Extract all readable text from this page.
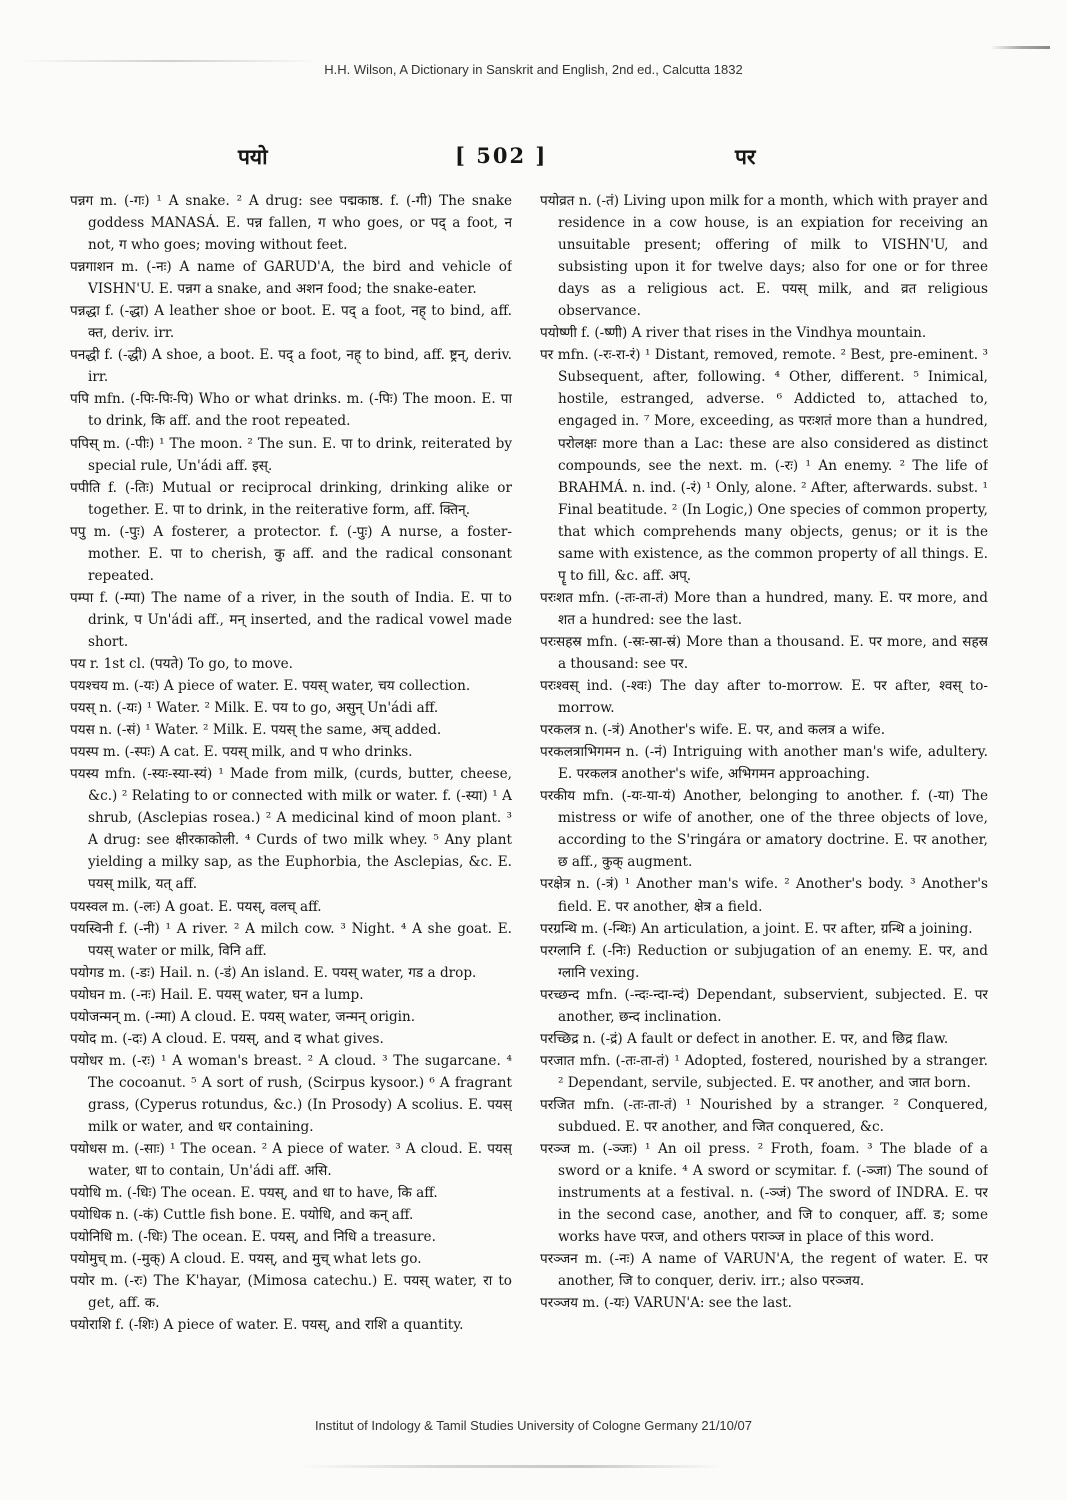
H.H. Wilson, A Dictionary in Sanskrit and English, 2nd ed., Calcutta 1832
पयो	[ 502 ]	पर

पन्नग m. (-गः) ¹ A snake. ² A drug: see पद्मकाष्ठ. f. (-गी) The snake goddess MANASÁ. E. पन्न fallen, ग who goes, or पद् a foot, न not, ग who goes; moving without feet.

पन्नगाशन m. (-नः) A name of GARUD'A, the bird and vehicle of VISHN'U. E. पन्नग a snake, and अशन food; the snake-eater.

पन्नद्धा f. (-द्धा) A leather shoe or boot. E. पद् a foot, नह् to bind, aff. क्त, deriv. irr.

पनद्धी f. (-द्धी) A shoe, a boot. E. पद् a foot, नह् to bind, aff. ष्ट्रन्, deriv. irr.

पपि mfn. (-पिः-पिः-पि) Who or what drinks. m. (-पिः) The moon. E. पा to drink, कि aff. and the root repeated.

पपिस् m. (-पीः) ¹ The moon. ² The sun. E. पा to drink, reiterated by special rule, Un'ádi aff. इस्.

पपीति f. (-तिः) Mutual or reciprocal drinking, drinking alike or together. E. पा to drink, in the reiterative form, aff. क्तिन्.

पपु m. (-पुः) A fosterer, a protector. f. (-पुः) A nurse, a foster-mother. E. पा to cherish, कु aff. and the radical consonant repeated.

पम्पा f. (-म्पा) The name of a river, in the south of India. E. पा to drink, प Un'ádi aff., मन् inserted, and the radical vowel made short.

पय r. 1st cl. (पयते) To go, to move.

पयश्चय m. (-यः) A piece of water. E. पयस् water, चय collection.

पयस् n. (-यः) ¹ Water. ² Milk. E. पय to go, असुन् Un'ádi aff.

पयस n. (-सं) ¹ Water. ² Milk. E. पयस् the same, अच् added.

पयस्प m. (-स्पः) A cat. E. पयस् milk, and प who drinks.

पयस्य mfn. (-स्यः-स्या-स्यं) ¹ Made from milk, (curds, butter, cheese, &c.) ² Relating to or connected with milk or water. f. (-स्या) ¹ A shrub, (Asclepias rosea.) ² A medicinal kind of moon plant. ³ A drug: see क्षीरकाकोली. ⁴ Curds of two milk whey. ⁵ Any plant yielding a milky sap, as the Euphorbia, the Asclepias, &c. E. पयस् milk, यत् aff.

पयस्वल m. (-लः) A goat. E. पयस्, वलच् aff.

पयस्विनी f. (-नी) ¹ A river. ² A milch cow. ³ Night. ⁴ A she goat. E. पयस् water or milk, विनि aff.

पयोगड m. (-डः) Hail. n. (-डं) An island. E. पयस् water, गड a drop.

पयोघन m. (-नः) Hail. E. पयस् water, घन a lump.

पयोजन्मन् m. (-न्मा) A cloud. E. पयस् water, जन्मन् origin.

पयोद m. (-दः) A cloud. E. पयस्, and द what gives.

पयोधर m. (-रः) ¹ A woman's breast. ² A cloud. ³ The sugarcane. ⁴ The cocoanut. ⁵ A sort of rush, (Scirpus kysoor.) ⁶ A fragrant grass, (Cyperus rotundus, &c.) (In Prosody) A scolius. E. पयस् milk or water, and धर containing.

पयोधस m. (-साः) ¹ The ocean. ² A piece of water. ³ A cloud. E. पयस् water, धा to contain, Un'ádi aff. असि.

पयोधि m. (-धिः) The ocean. E. पयस्, and धा to have, कि aff.

पयोधिक n. (-कं) Cuttle fish bone. E. पयोधि, and कन् aff.

पयोनिधि m. (-धिः) The ocean. E. पयस्, and निधि a treasure.

पयोमुच् m. (-मुक्) A cloud. E. पयस्, and मुच् what lets go.

पयोर m. (-रः) The K'hayar, (Mimosa catechu.) E. पयस् water, रा to get, aff. क.

पयोराशि f. (-शिः) A piece of water. E. पयस्, and राशि a quantity.

पयोव्रत n. (-तं) Living upon milk for a month, which with prayer and residence in a cow house, is an expiation for receiving an unsuitable present; offering of milk to VISHN'U, and subsisting upon it for twelve days; also for one or for three days as a religious act. E. पयस् milk, and व्रत religious observance.

पयोष्णी f. (-ष्णी) A river that rises in the Vindhya mountain.

पर mfn. (-रः-रा-रं) ¹ Distant, removed, remote. ² Best, pre-eminent. ³ Subsequent, after, following. ⁴ Other, different. ⁵ Inimical, hostile, estranged, adverse. ⁶ Addicted to, attached to, engaged in. ⁷ More, exceeding, as परःशतं more than a hundred, परोलक्षः more than a Lac: these are also considered as distinct compounds, see the next. m. (-रः) ¹ An enemy. ² The life of BRAHMÁ. n. ind. (-रं) ¹ Only, alone. ² After, afterwards. subst. ¹ Final beatitude. ² (In Logic,) One species of common property, that which comprehends many objects, genus; or it is the same with existence, as the common property of all things. E. पॄ to fill, &c. aff. अप्.

परःशत mfn. (-तः-ता-तं) More than a hundred, many. E. पर more, and शत a hundred: see the last.

परःसहस्र mfn. (-स्रः-स्रा-स्रं) More than a thousand. E. पर more, and सहस्र a thousand: see पर.

परःश्वस् ind. (-श्वः) The day after to-morrow. E. पर after, श्वस् to-morrow.

परकलत्र n. (-त्रं) Another's wife. E. पर, and कलत्र a wife.

परकलत्राभिगमन n. (-नं) Intriguing with another man's wife, adultery. E. परकलत्र another's wife, अभिगमन approaching.

परकीय mfn. (-यः-या-यं) Another, belonging to another. f. (-या) The mistress or wife of another, one of the three objects of love, according to the S'ringára or amatory doctrine. E. पर another, छ aff., कुक् augment.

परक्षेत्र n. (-त्रं) ¹ Another man's wife. ² Another's body. ³ Another's field. E. पर another, क्षेत्र a field.

परग्रन्थि m. (-न्थिः) An articulation, a joint. E. पर after, ग्रन्थि a joining.

परग्लानि f. (-निः) Reduction or subjugation of an enemy. E. पर, and ग्लानि vexing.

परच्छन्द mfn. (-न्दः-न्दा-न्दं) Dependant, subservient, subjected. E. पर another, छन्द inclination.

परच्छिद्र n. (-द्रं) A fault or defect in another. E. पर, and छिद्र flaw.

परजात mfn. (-तः-ता-तं) ¹ Adopted, fostered, nourished by a stranger. ² Dependant, servile, subjected. E. पर another, and जात born.

परजित mfn. (-तः-ता-तं) ¹ Nourished by a stranger. ² Conquered, subdued. E. पर another, and जित conquered, &c.

परञ्ज m. (-ञ्जः) ¹ An oil press. ² Froth, foam. ³ The blade of a sword or a knife. ⁴ A sword or scymitar. f. (-ञ्जा) The sound of instruments at a festival. n. (-ञ्जं) The sword of INDRA. E. पर in the second case, another, and जि to conquer, aff. ड; some works have परज, and others पराञ्ज in place of this word.

परञ्जन m. (-नः) A name of VARUN'A, the regent of water. E. पर another, जि to conquer, deriv. irr.; also परञ्जय.

परञ्जय m. (-यः) VARUN'A: see the last.

Institut of Indology & Tamil Studies University of Cologne Germany 21/10/07
